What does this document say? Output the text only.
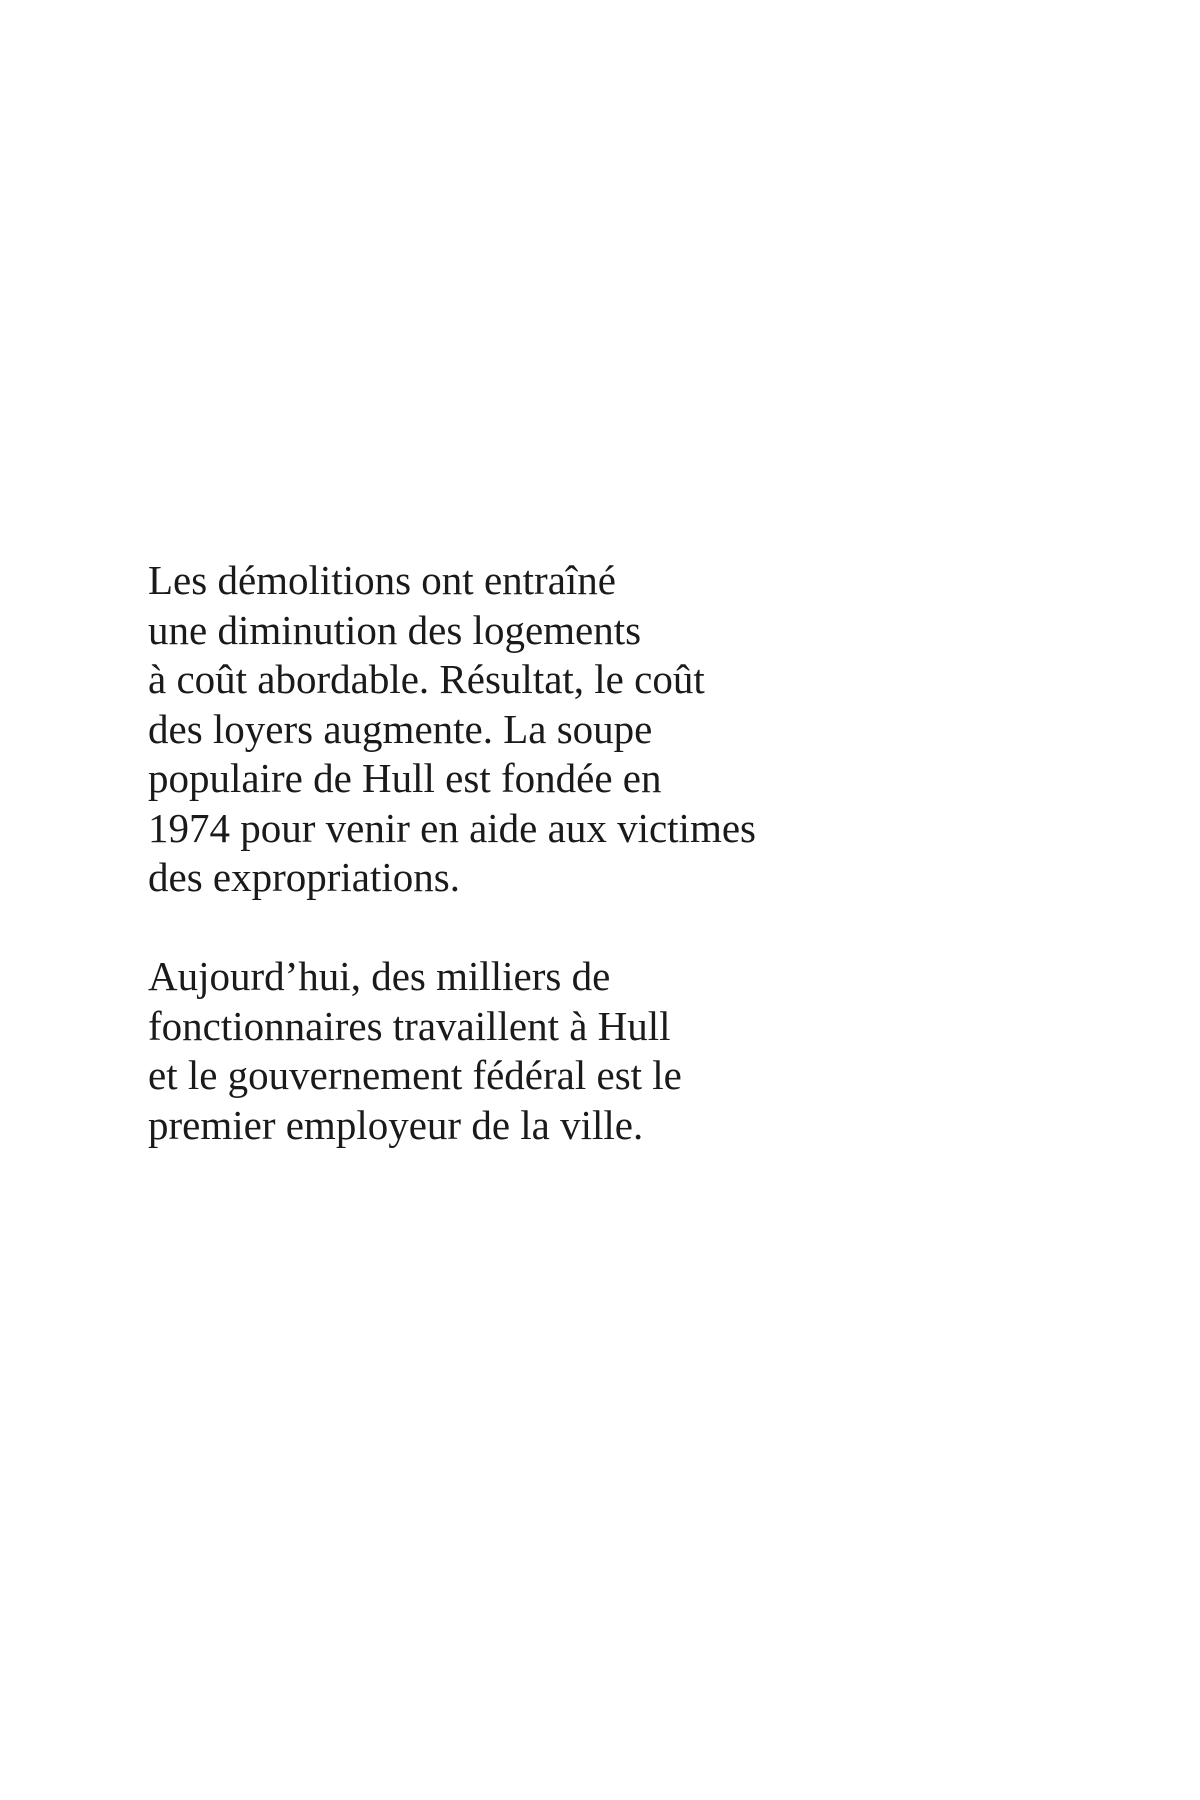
Les démolitions ont entraîné
une diminution des logements
à coût abordable. Résultat, le coût
des loyers augmente. La soupe
populaire de Hull est fondée en
1974 pour venir en aide aux victimes
des expropriations.

Aujourd’hui, des milliers de
fonctionnaires travaillent à Hull
et le gouvernement fédéral est le
premier employeur de la ville.
